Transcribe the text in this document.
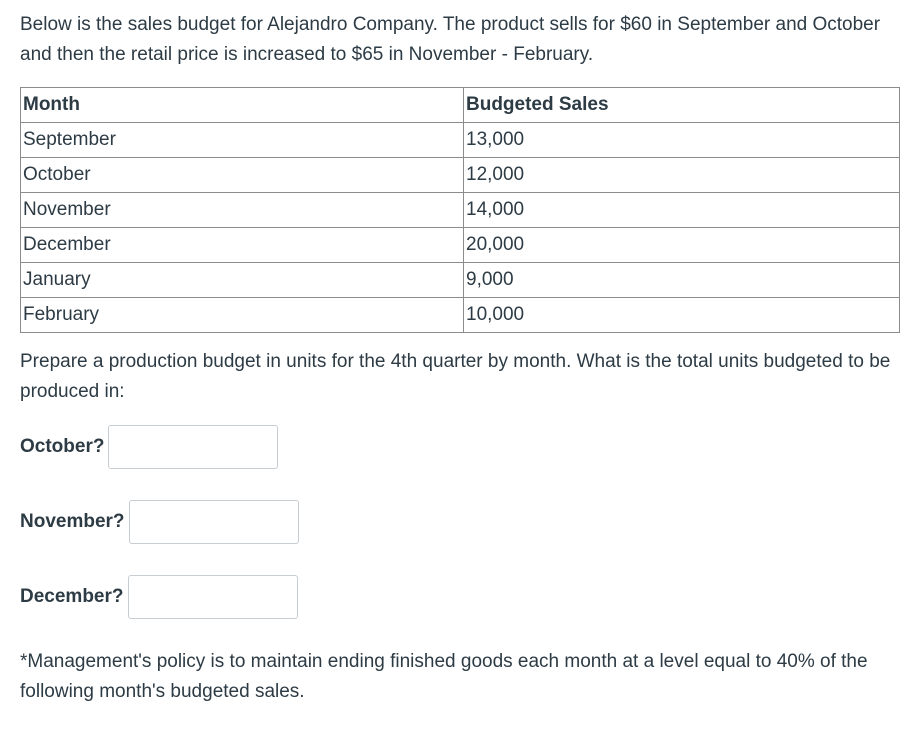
Below is the sales budget for Alejandro Company. The product sells for $60 in September and October and then the retail price is increased to $65 in November - February.
Month	Budgeted Sales
September	13,000
October	12,000
November	14,000
December	20,000
January	9,000
February	10,000
Prepare a production budget in units for the 4th quarter by month. What is the total units budgeted to be produced in:
October?
November?
December?
*Management's policy is to maintain ending finished goods each month at a level equal to 40% of the following month's budgeted sales.
